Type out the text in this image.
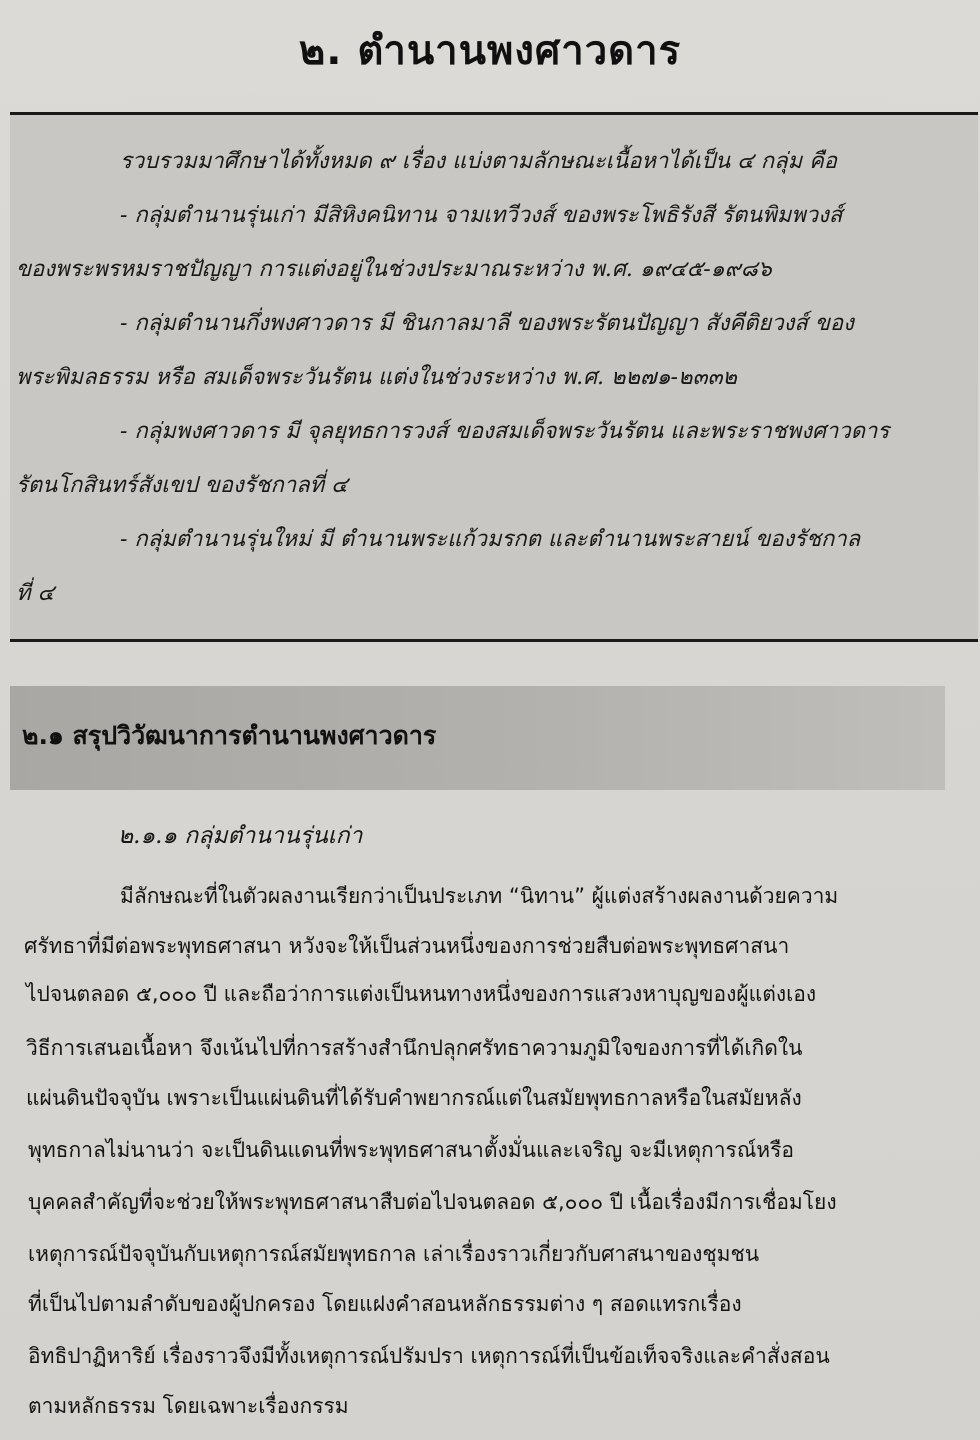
๒. ตำนานพงศาวดาร
รวบรวมมาศึกษาได้ทั้งหมด ๙ เรื่อง แบ่งตามลักษณะเนื้อหาได้เป็น ๔ กลุ่ม คือ
- กลุ่มตำนานรุ่นเก่า มีสิหิงคนิทาน จามเทวีวงส์ ของพระโพธิรังสี รัตนพิมพวงส์
ของพระพรหมราชปัญญา การแต่งอยู่ในช่วงประมาณระหว่าง พ.ศ. ๑๙๔๕-๑๙๘๖
- กลุ่มตำนานกึ่งพงศาวดาร มี ชินกาลมาลี ของพระรัตนปัญญา สังคีติยวงส์ ของ
พระพิมลธรรม หรือ สมเด็จพระวันรัตน แต่งในช่วงระหว่าง พ.ศ. ๒๒๗๑-๒๓๓๒
- กลุ่มพงศาวดาร มี จุลยุทธการวงส์ ของสมเด็จพระวันรัตน และพระราชพงศาวดาร
รัตนโกสินทร์สังเขป ของรัชกาลที่ ๔
- กลุ่มตำนานรุ่นใหม่ มี ตำนานพระแก้วมรกต และตำนานพระสายน์ ของรัชกาล
ที่ ๔
๒.๑ สรุปวิวัฒนาการตำนานพงศาวดาร
๒.๑.๑ กลุ่มตำนานรุ่นเก่า
มีลักษณะที่ในตัวผลงานเรียกว่าเป็นประเภท “นิทาน” ผู้แต่งสร้างผลงานด้วยความ
ศรัทธาที่มีต่อพระพุทธศาสนา หวังจะให้เป็นส่วนหนึ่งของการช่วยสืบต่อพระพุทธศาสนา
ไปจนตลอด ๕,๐๐๐ ปี และถือว่าการแต่งเป็นหนทางหนึ่งของการแสวงหาบุญของผู้แต่งเอง
วิธีการเสนอเนื้อหา จึงเน้นไปที่การสร้างสำนึกปลุกศรัทธาความภูมิใจของการที่ได้เกิดใน
แผ่นดินปัจจุบัน เพราะเป็นแผ่นดินที่ได้รับคำพยากรณ์แต่ในสมัยพุทธกาลหรือในสมัยหลัง
พุทธกาลไม่นานว่า จะเป็นดินแดนที่พระพุทธศาสนาตั้งมั่นและเจริญ จะมีเหตุการณ์หรือ
บุคคลสำคัญที่จะช่วยให้พระพุทธศาสนาสืบต่อไปจนตลอด ๕,๐๐๐ ปี เนื้อเรื่องมีการเชื่อมโยง
เหตุการณ์ปัจจุบันกับเหตุการณ์สมัยพุทธกาล เล่าเรื่องราวเกี่ยวกับศาสนาของชุมชน
ที่เป็นไปตามลำดับของผู้ปกครอง โดยแฝงคำสอนหลักธรรมต่าง ๆ สอดแทรกเรื่อง
อิทธิปาฏิหาริย์ เรื่องราวจึงมีทั้งเหตุการณ์ปรัมปรา เหตุการณ์ที่เป็นข้อเท็จจริงและคำสั่งสอน
ตามหลักธรรม โดยเฉพาะเรื่องกรรม
